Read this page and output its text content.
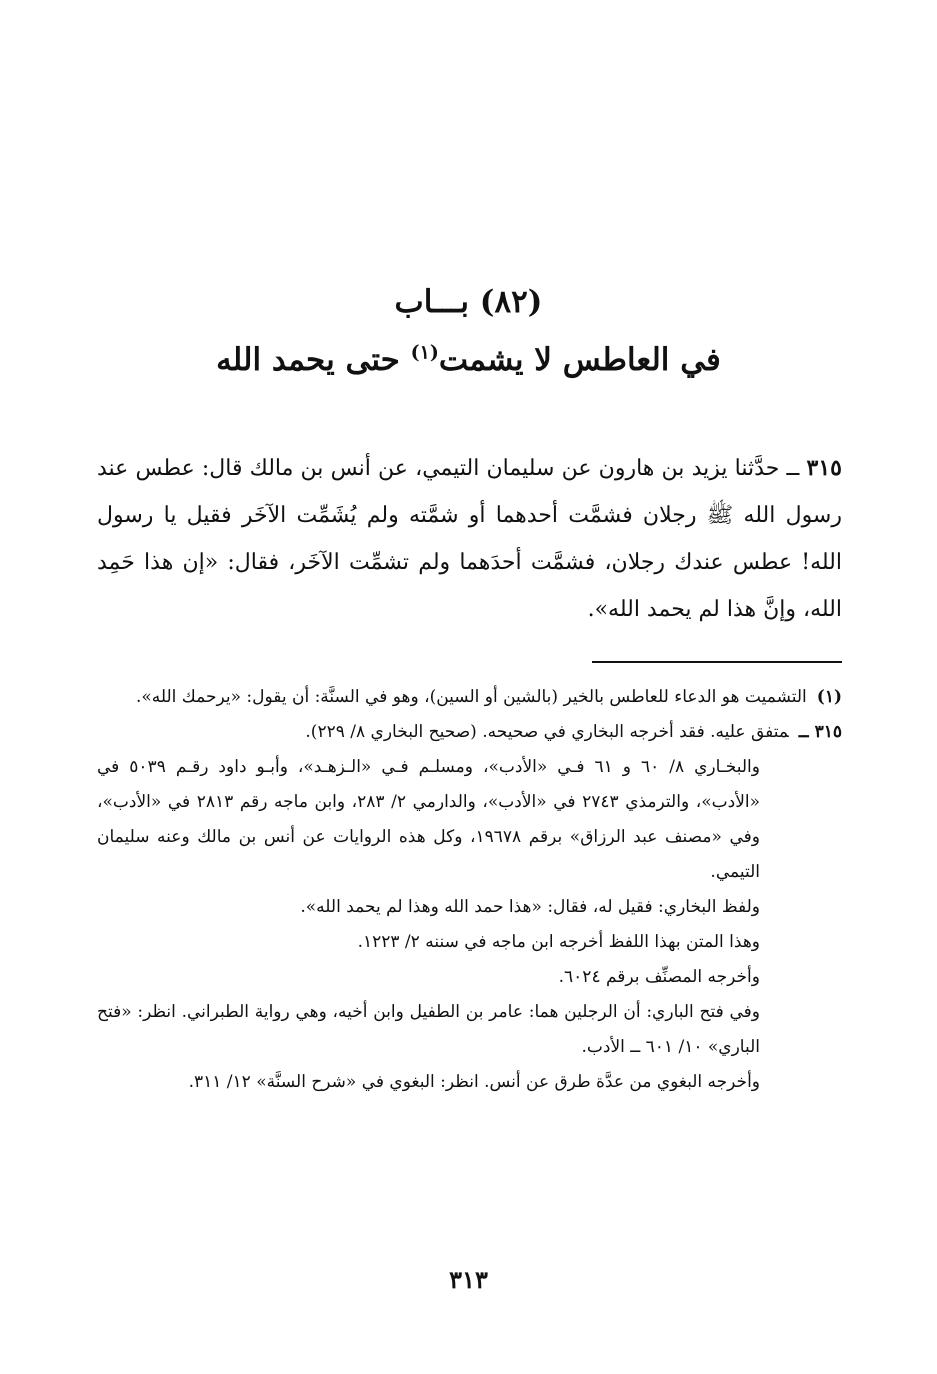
(٨٢) بـــاب
في العاطس لا يشمت$^{(١)}$ حتى يحمد الله

٣١٥ ــ حدَّثنا يزيد بن هارون عن سليمان التيمي، عن أنس بن مالك قال: عطس عند رسول الله ﷺ رجلان فشمَّت أحدهما أو شمَّته ولم يُشَمِّت الآخَر فقيل يا رسول الله! عطس عندك رجلان، فشمَّت أحدَهما ولم تشمِّت الآخَر، فقال: «إن هذا حَمِد الله، وإنَّ هذا لم يحمد الله».

(١)التشميت هو الدعاء للعاطس بالخير (بالشين أو السين)، وهو في السنَّة: أن يقول: «يرحمك الله».

٣١٥ ــمتفق عليه. فقد أخرجه البخاري في صحيحه. (صحيح البخاري ٨/ ٢٢٩).

والبخـاري ٨/ ٦٠ و ٦١ فـي «الأدب»، ومسلـم فـي «الـزهـد»، وأبـو داود رقـم ٥٠٣٩ في «الأدب»، والترمذي ٢٧٤٣ في «الأدب»، والدارمي ٢/ ٢٨٣، وابن ماجه رقم ٢٨١٣ في «الأدب»، وفي «مصنف عبد الرزاق» برقم ١٩٦٧٨، وكل هذه الروايات عن أنس بن مالك وعنه سليمان التيمي.

ولفظ البخاري: فقيل له، فقال: «هذا حمد الله وهذا لم يحمد الله».

وهذا المتن بهذا اللفظ أخرجه ابن ماجه في سننه ٢/ ١٢٢٣.

وأخرجه المصنِّف برقم ٦٠٢٤.

وفي فتح الباري: أن الرجلين هما: عامر بن الطفيل وابن أخيه، وهي رواية الطبراني. انظر: «فتح الباري» ١٠/ ٦٠١ ــ الأدب.

وأخرجه البغوي من عدَّة طرق عن أنس. انظر: البغوي في «شرح السنَّة» ١٢/ ٣١١.

٣١٣
